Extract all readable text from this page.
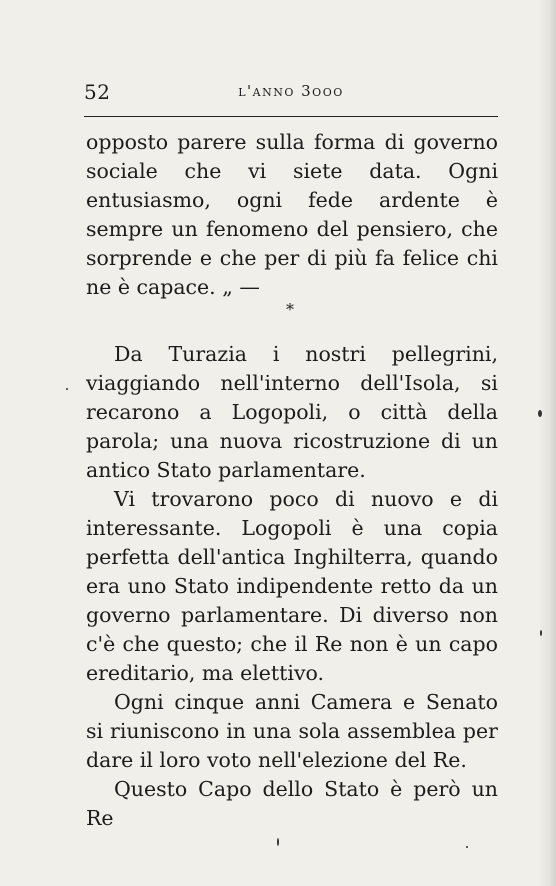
52	l'anno 3ooo

opposto parere sulla forma di governo sociale che vi siete data. Ogni entusiasmo, ogni fede ardente è sempre un fenomeno del pensiero, che sorprende e che per di più fa felice chi ne è capace. „ —

*

Da Turazia i nostri pellegrini, viaggiando nell'interno dell'Isola, si recarono a Logopoli, o città della parola; una nuova ricostruzione di un antico Stato parlamentare.

Vi trovarono poco di nuovo e di interessante. Logopoli è una copia perfetta dell'antica Inghilterra, quando era uno Stato indipendente retto da un governo parlamentare. Di diverso non c'è che questo; che il Re non è un capo ereditario, ma elettivo.

Ogni cinque anni Camera e Senato si riuniscono in una sola assemblea per dare il loro voto nell'elezione del Re.

Questo Capo dello Stato è però un Re
